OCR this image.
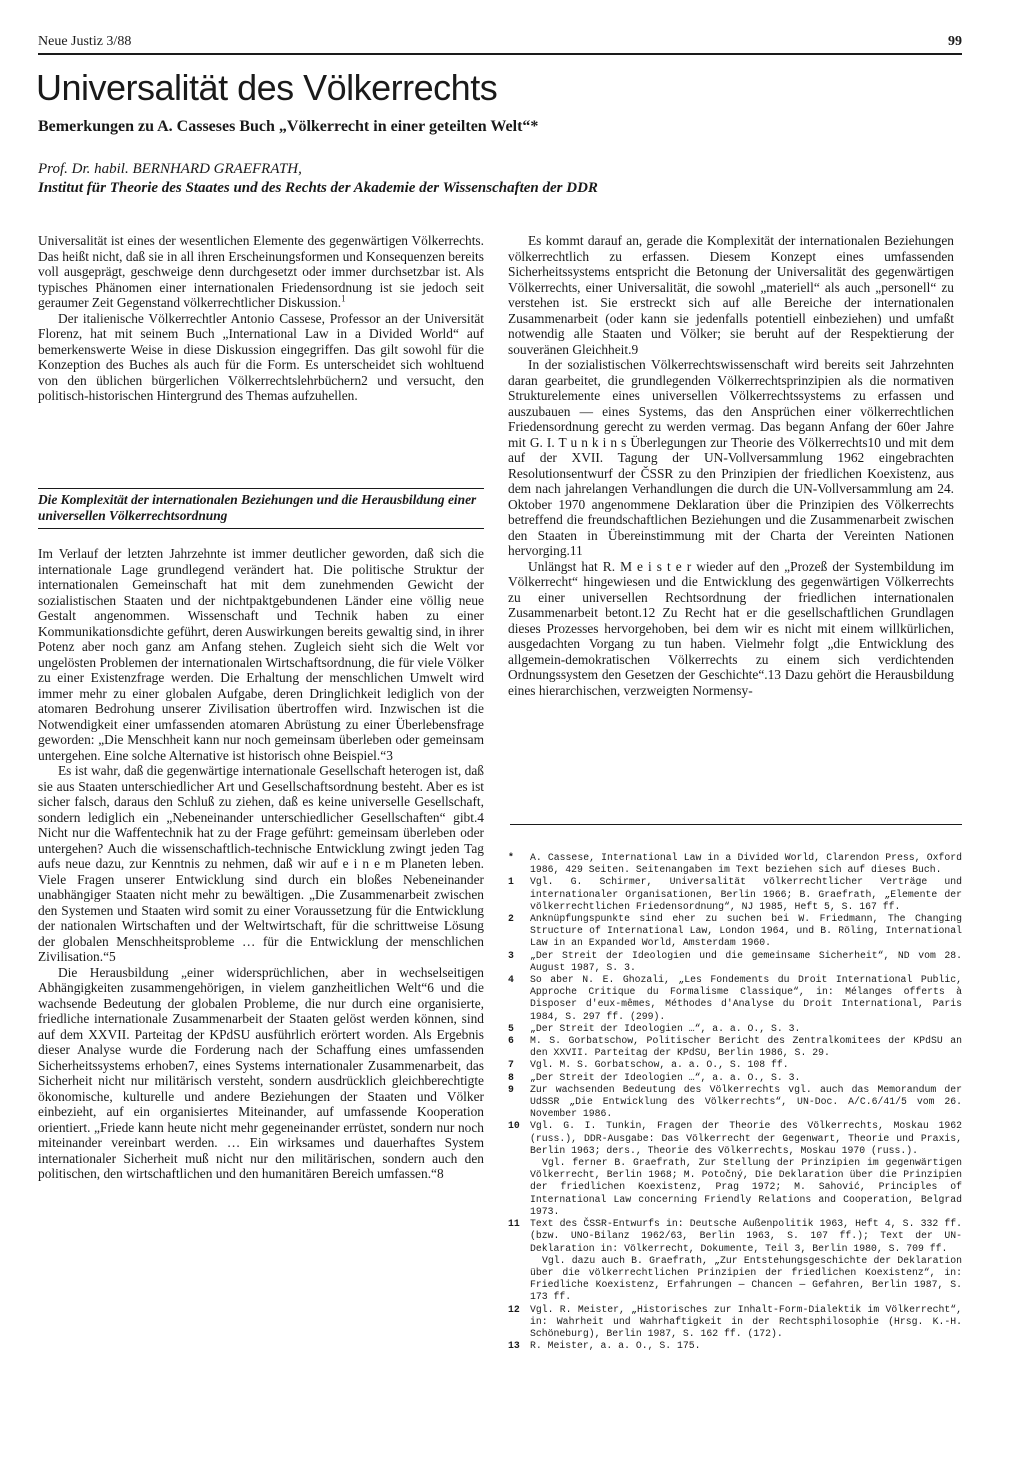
Neue Justiz 3/88	99
Universalität des Völkerrechts
Bemerkungen zu A. Casseses Buch „Völkerrecht in einer geteilten Welt“*
Prof. Dr. habil. BERNHARD GRAEFRATH,
Institut für Theorie des Staates und des Rechts der Akademie der Wissenschaften der DDR

Universalität ist eines der wesentlichen Elemente des gegenwärtigen Völkerrechts. Das heißt nicht, daß sie in all ihren Erscheinungsformen und Konsequenzen bereits voll ausgeprägt, geschweige denn durchgesetzt oder immer durchsetzbar ist. Als typisches Phänomen einer internationalen Friedensordnung ist sie jedoch seit geraumer Zeit Gegenstand völkerrechtlicher Diskussion.$^1$

Der italienische Völkerrechtler Antonio Cassese, Professor an der Universität Florenz, hat mit seinem Buch „International Law in a Divided World“ auf bemerkenswerte Weise in diese Diskussion eingegriffen. Das gilt sowohl für die Konzeption des Buches als auch für die Form. Es unterscheidet sich wohltuend von den üblichen bürgerlichen Völkerrechtslehrbüchern2 und versucht, den politisch-historischen Hintergrund des Themas aufzuhellen.

Die Komplexität der internationalen Beziehungen und die Herausbildung einer universellen Völkerrechtsordnung

Im Verlauf der letzten Jahrzehnte ist immer deutlicher geworden, daß sich die internationale Lage grundlegend verändert hat. Die politische Struktur der internationalen Gemeinschaft hat mit dem zunehmenden Gewicht der sozialistischen Staaten und der nichtpaktgebundenen Länder eine völlig neue Gestalt angenommen. Wissenschaft und Technik haben zu einer Kommunikationsdichte geführt, deren Auswirkungen bereits gewaltig sind, in ihrer Potenz aber noch ganz am Anfang stehen. Zugleich sieht sich die Welt vor ungelösten Problemen der internationalen Wirtschaftsordnung, die für viele Völker zu einer Existenzfrage werden. Die Erhaltung der menschlichen Umwelt wird immer mehr zu einer globalen Aufgabe, deren Dringlichkeit lediglich von der atomaren Bedrohung unserer Zivilisation übertroffen wird. Inzwischen ist die Notwendigkeit einer umfassenden atomaren Abrüstung zu einer Überlebensfrage geworden: „Die Menschheit kann nur noch gemeinsam überleben oder gemeinsam untergehen. Eine solche Alternative ist historisch ohne Beispiel.“3

Es ist wahr, daß die gegenwärtige internationale Gesellschaft heterogen ist, daß sie aus Staaten unterschiedlicher Art und Gesellschaftsordnung besteht. Aber es ist sicher falsch, daraus den Schluß zu ziehen, daß es keine universelle Gesellschaft, sondern lediglich ein „Nebeneinander unterschiedlicher Gesellschaften“ gibt.4 Nicht nur die Waffentechnik hat zu der Frage geführt: gemeinsam überleben oder untergehen? Auch die wissenschaftlich-technische Entwicklung zwingt jeden Tag aufs neue dazu, zur Kenntnis zu nehmen, daß wir auf e i n e m Planeten leben. Viele Fragen unserer Entwicklung sind durch ein bloßes Nebeneinander unabhängiger Staaten nicht mehr zu bewältigen. „Die Zusammenarbeit zwischen den Systemen und Staaten wird somit zu einer Voraussetzung für die Entwicklung der nationalen Wirtschaften und der Weltwirtschaft, für die schrittweise Lösung der globalen Menschheitsprobleme … für die Entwicklung der menschlichen Zivilisation.“5

Die Herausbildung „einer widersprüchlichen, aber in wechselseitigen Abhängigkeiten zusammengehörigen, in vielem ganzheitlichen Welt“6 und die wachsende Bedeutung der globalen Probleme, die nur durch eine organisierte, friedliche internationale Zusammenarbeit der Staaten gelöst werden können, sind auf dem XXVII. Parteitag der KPdSU ausführlich erörtert worden. Als Ergebnis dieser Analyse wurde die Forderung nach der Schaffung eines umfassenden Sicherheitssystems erhoben7, eines Systems internationaler Zusammenarbeit, das Sicherheit nicht nur militärisch versteht, sondern ausdrücklich gleichberechtigte ökonomische, kulturelle und andere Beziehungen der Staaten und Völker einbezieht, auf ein organisiertes Miteinander, auf umfassende Kooperation orientiert. „Friede kann heute nicht mehr gegeneinander errüstet, sondern nur noch miteinander vereinbart werden. … Ein wirksames und dauerhaftes System internationaler Sicherheit muß nicht nur den militärischen, sondern auch den politischen, den wirtschaftlichen und den humanitären Bereich umfassen.“8

Es kommt darauf an, gerade die Komplexität der internationalen Beziehungen völkerrechtlich zu erfassen. Diesem Konzept eines umfassenden Sicherheitssystems entspricht die Betonung der Universalität des gegenwärtigen Völkerrechts, einer Universalität, die sowohl „materiell“ als auch „personell“ zu verstehen ist. Sie erstreckt sich auf alle Bereiche der internationalen Zusammenarbeit (oder kann sie jedenfalls potentiell einbeziehen) und umfaßt notwendig alle Staaten und Völker; sie beruht auf der Respektierung der souveränen Gleichheit.9

In der sozialistischen Völkerrechtswissenschaft wird bereits seit Jahrzehnten daran gearbeitet, die grundlegenden Völkerrechtsprinzipien als die normativen Strukturelemente eines universellen Völkerrechtssystems zu erfassen und auszubauen — eines Systems, das den Ansprüchen einer völkerrechtlichen Friedensordnung gerecht zu werden vermag. Das begann Anfang der 60er Jahre mit G. I. T u n k i n s Überlegungen zur Theorie des Völkerrechts10 und mit dem auf der XVII. Tagung der UN-Vollversammlung 1962 eingebrachten Resolutionsentwurf der ČSSR zu den Prinzipien der friedlichen Koexistenz, aus dem nach jahrelangen Verhandlungen die durch die UN-Vollversammlung am 24. Oktober 1970 angenommene Deklaration über die Prinzipien des Völkerrechts betreffend die freundschaftlichen Beziehungen und die Zusammenarbeit zwischen den Staaten in Übereinstimmung mit der Charta der Vereinten Nationen hervorging.11

Unlängst hat R. M e i s t e r wieder auf den „Prozeß der Systembildung im Völkerrecht“ hingewiesen und die Entwicklung des gegenwärtigen Völkerrechts zu einer universellen Rechtsordnung der friedlichen internationalen Zusammenarbeit betont.12 Zu Recht hat er die gesellschaftlichen Grundlagen dieses Prozesses hervorgehoben, bei dem wir es nicht mit einem willkürlichen, ausgedachten Vorgang zu tun haben. Vielmehr folgt „die Entwicklung des allgemein-demokratischen Völkerrechts zu einem sich verdichtenden Ordnungssystem den Gesetzen der Geschichte“.13 Dazu gehört die Herausbildung eines hierarchischen, verzweigten Normensy-

*	A. Cassese, International Law in a Divided World, Clarendon Press, Oxford 1986, 429 Seiten. Seitenangaben im Text beziehen sich auf dieses Buch.
1	Vgl. G. Schirmer, Universalität völkerrechtlicher Verträge und internationaler Organisationen, Berlin 1966; B. Graefrath, „Elemente der völkerrechtlichen Friedensordnung“, NJ 1985, Heft 5, S. 167 ff.
2	Anknüpfungspunkte sind eher zu suchen bei W. Friedmann, The Changing Structure of International Law, London 1964, und B. Röling, International Law in an Expanded World, Amsterdam 1960.
3	„Der Streit der Ideologien und die gemeinsame Sicherheit“, ND vom 28. August 1987, S. 3.
4	So aber N. E. Ghozali, „Les Fondements du Droit International Public, Approche Critique du Formalisme Classique“, in: Mélanges offerts à Disposer d'eux-mêmes, Méthodes d'Analyse du Droit International, Paris 1984, S. 297 ff. (299).
5	„Der Streit der Ideologien …“, a. a. O., S. 3.
6	M. S. Gorbatschow, Politischer Bericht des Zentralkomitees der KPdSU an den XXVII. Parteitag der KPdSU, Berlin 1986, S. 29.
7	Vgl. M. S. Gorbatschow, a. a. O., S. 108 ff.
8	„Der Streit der Ideologien …“, a. a. O., S. 3.
9	Zur wachsenden Bedeutung des Völkerrechts vgl. auch das Memorandum der UdSSR „Die Entwicklung des Völkerrechts“, UN-Doc. A/C.6/41/5 vom 26. November 1986.
10	Vgl. G. I. Tunkin, Fragen der Theorie des Völkerrechts, Moskau 1962 (russ.), DDR-Ausgabe: Das Völkerrecht der Gegenwart, Theorie und Praxis, Berlin 1963; ders., Theorie des Völkerrechts, Moskau 1970 (russ.).
Vgl. ferner B. Graefrath, Zur Stellung der Prinzipien im gegenwärtigen Völkerrecht, Berlin 1968; M. Potočný, Die Deklaration über die Prinzipien der friedlichen Koexistenz, Prag 1972; M. Sahović, Principles of International Law concerning Friendly Relations and Cooperation, Belgrad 1973.
11	Text des ČSSR-Entwurfs in: Deutsche Außenpolitik 1963, Heft 4, S. 332 ff. (bzw. UNO-Bilanz 1962/63, Berlin 1963, S. 107 ff.); Text der UN-Deklaration in: Völkerrecht, Dokumente, Teil 3, Berlin 1980, S. 709 ff.
Vgl. dazu auch B. Graefrath, „Zur Entstehungsgeschichte der Deklaration über die völkerrechtlichen Prinzipien der friedlichen Koexistenz“, in: Friedliche Koexistenz, Erfahrungen — Chancen — Gefahren, Berlin 1987, S. 173 ff.
12	Vgl. R. Meister, „Historisches zur Inhalt-Form-Dialektik im Völkerrecht“, in: Wahrheit und Wahrhaftigkeit in der Rechtsphilosophie (Hrsg. K.-H. Schöneburg), Berlin 1987, S. 162 ff. (172).
13	R. Meister, a. a. O., S. 175.
